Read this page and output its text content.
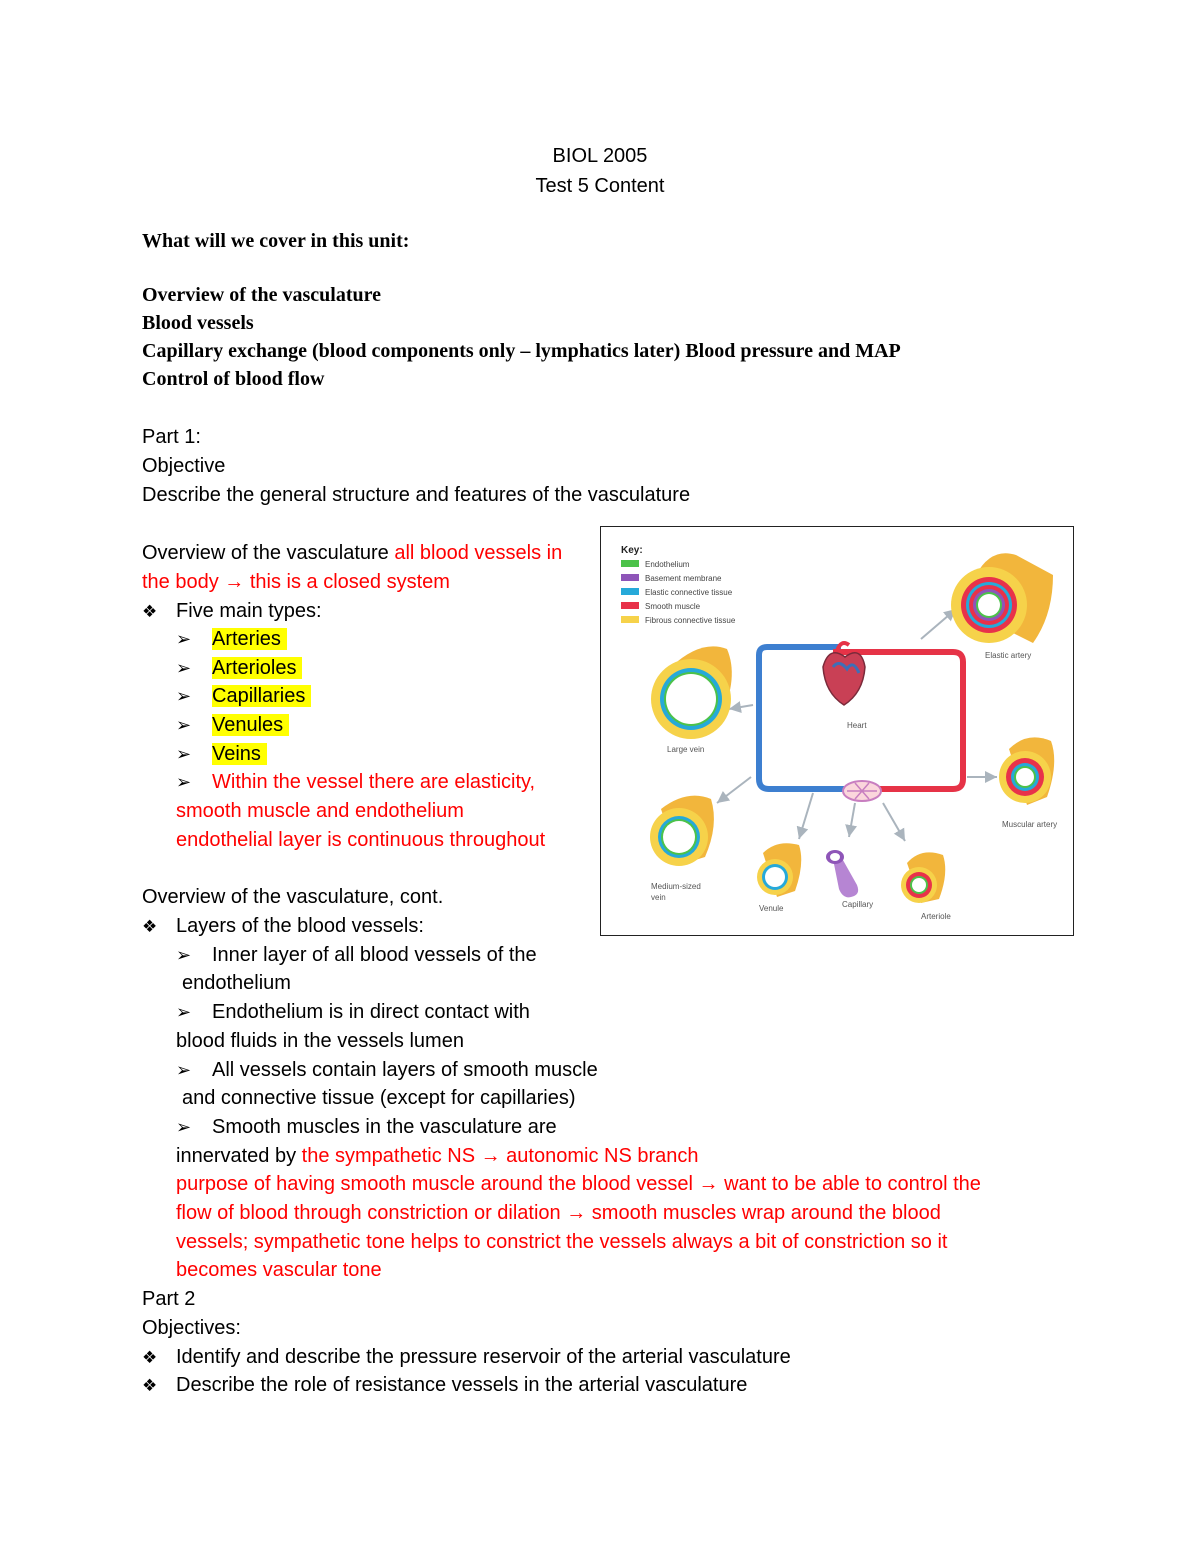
BIOL 2005
Test 5 Content
What will we cover in this unit:
Overview of the vasculature
Blood vessels
Capillary exchange (blood components only – lymphatics later) Blood pressure and MAP
Control of blood flow
Part 1:
Objective
Describe the general structure and features of the vasculature
Overview of the vasculature all blood vessels in
the body → this is a closed system
❖ Five main types:
➢ Arteries
➢ Arterioles
➢ Capillaries
➢ Venules
➢ Veins
➢ Within the vessel there are elasticity,
smooth muscle and endothelium
endothelial layer is continuous throughout
Overview of the vasculature, cont.
❖ Layers of the blood vessels:
➢ Inner layer of all blood vessels of the
endothelium
➢ Endothelium is in direct contact with
blood fluids in the vessels lumen
➢ All vessels contain layers of smooth muscle
and connective tissue (except for capillaries)
➢ Smooth muscles in the vasculature are
innervated by the sympathetic NS → autonomic NS branch
purpose of having smooth muscle around the blood vessel → want to be able to control the
flow of blood through constriction or dilation → smooth muscles wrap around the blood
vessels; sympathetic tone helps to constrict the vessels always a bit of constriction so it
becomes vascular tone
Part 2
Objectives:
❖ Identify and describe the pressure reservoir of the arterial vasculature
❖ Describe the role of resistance vessels in the arterial vasculature
Key:
Endothelium
Basement membrane
Elastic connective tissue
Smooth muscle
Fibrous connective tissue
Heart
Elastic artery
Large vein
Muscular artery
Medium-sized
vein
Venule	Capillary
Arteriole
